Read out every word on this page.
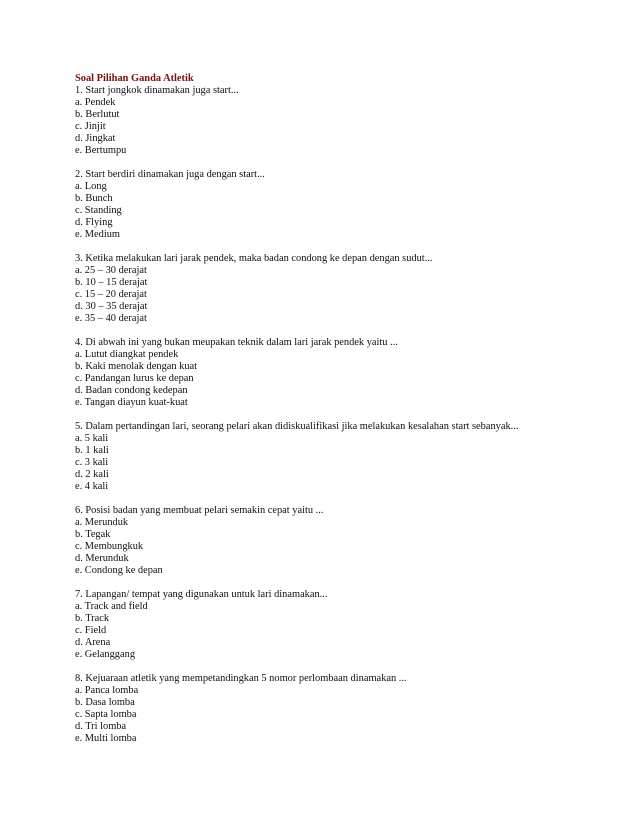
Soal Pilihan Ganda Atletik
1. Start jongkok dinamakan juga start...
a. Pendek
b. Berlutut
c. Jinjit
d. Jingkat
e. Bertumpu
2. Start berdiri dinamakan juga dengan start...
a. Long
b. Bunch
c. Standing
d. Flying
e. Medium
3. Ketika melakukan lari jarak pendek, maka badan condong ke depan dengan sudut...
a. 25 – 30 derajat
b. 10 – 15 derajat
c. 15 – 20 derajat
d. 30 – 35 derajat
e. 35 – 40 derajat
4. Di abwah ini yang bukan meupakan teknik dalam lari jarak pendek yaitu ...
a. Lutut diangkat pendek
b. Kaki menolak dengan kuat
c. Pandangan lurus ke depan
d. Badan condong kedepan
e. Tangan diayun kuat-kuat
5. Dalam pertandingan lari, seorang pelari akan didiskualifikasi jika melakukan kesalahan start sebanyak...
a. 5 kali
b. 1 kali
c. 3 kali
d. 2 kali
e. 4 kali
6. Posisi badan yang membuat pelari semakin cepat yaitu ...
a. Merunduk
b. Tegak
c. Membungkuk
d. Merunduk
e. Condong ke depan
7. Lapangan/ tempat yang digunakan untuk lari dinamakan...
a. Track and field
b. Track
c. Field
d. Arena
e. Gelanggang
8. Kejuaraan atletik yang mempetandingkan 5 nomor perlombaan dinamakan ...
a. Panca lomba
b. Dasa lomba
c. Sapta lomba
d. Tri lomba
e. Multi lomba
